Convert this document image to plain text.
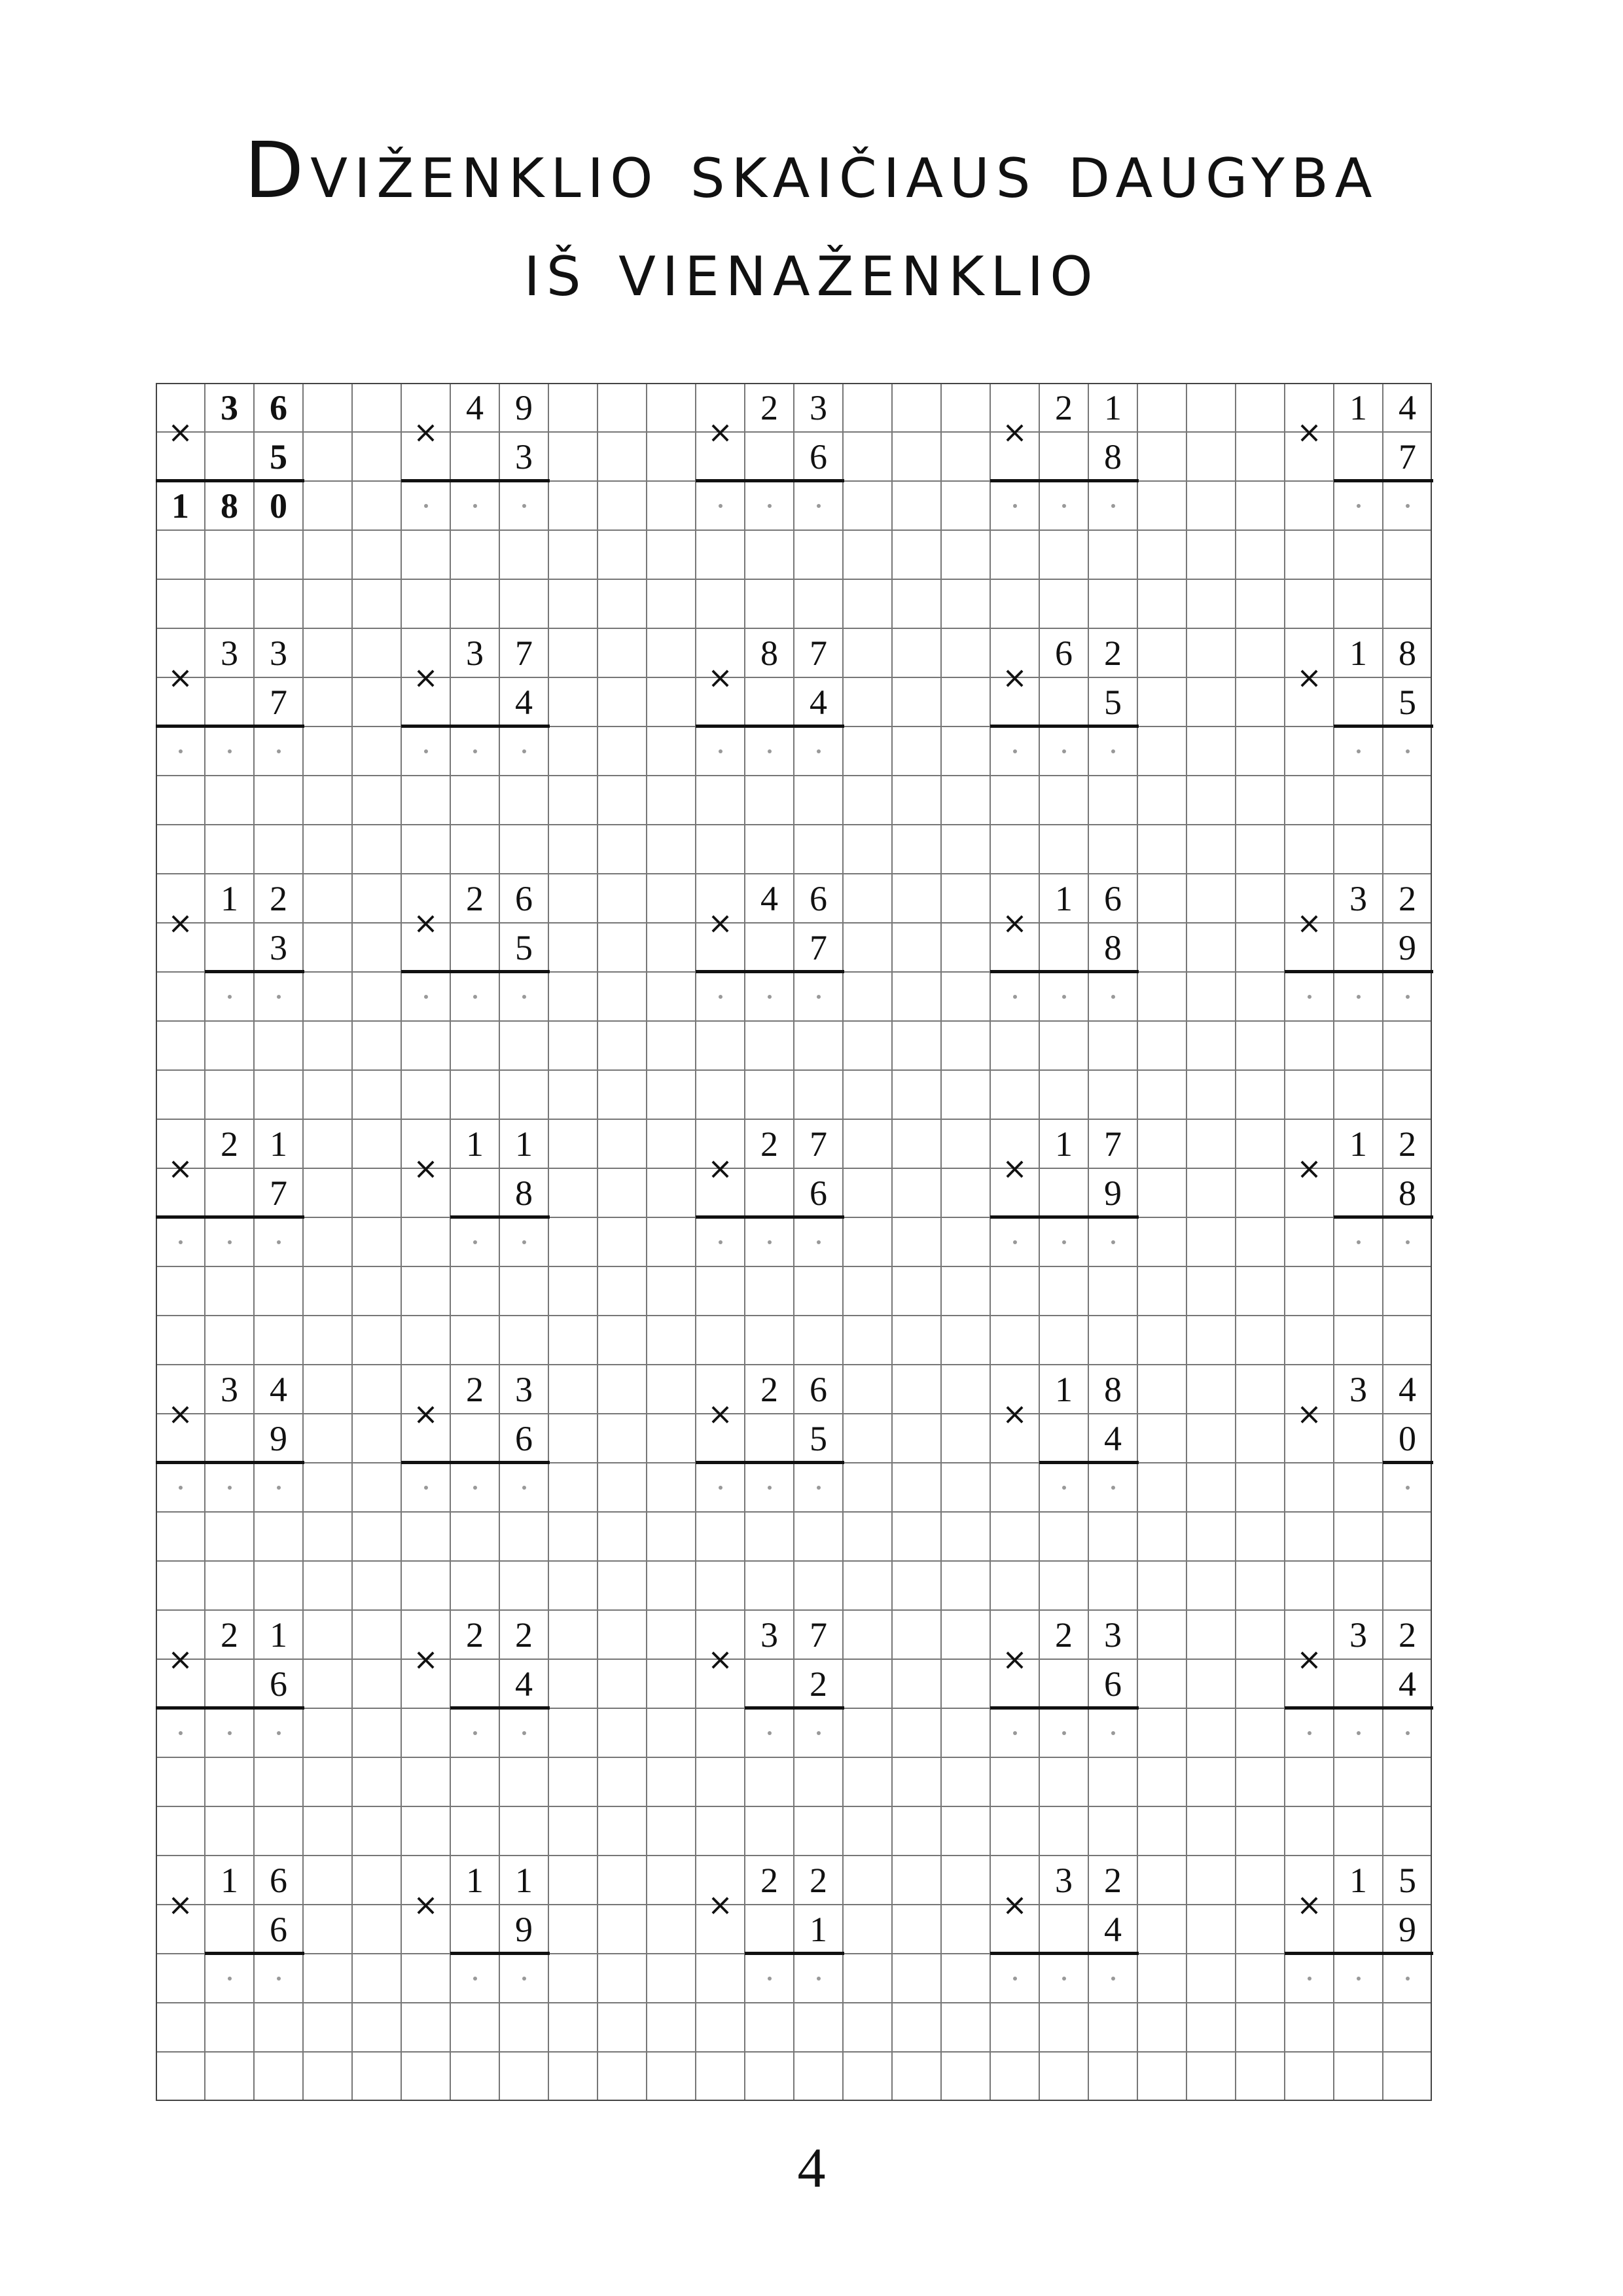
Dviženklio skaičiaus daugyba
iš vienaženklio
×
3 6
5
1 8 0
×
4 9
3
×
2 3
6
×
2 1
8
×
1 4
7
×
3 3
7
×
3 7
4
×
8 7
4
×
6 2
5
×
1 8
5
×
1 2
3
×
2 6
5
×
4 6
7
×
1 6
8
×
3 2
9
×
2 1
7
×
1 1
8
×
2 7
6
×
1 7
9
×
1 2
8
×
3 4
9
×
2 3
6
×
2 6
5
×
1 8
4
×
3 4
0
×
2 1
6
×
2 2
4
×
3 7
2
×
2 3
6
×
3 2
4
×
1 6
6
×
1 1
9
×
2 2
1
×
3 2
4
×
1 5
9
4
